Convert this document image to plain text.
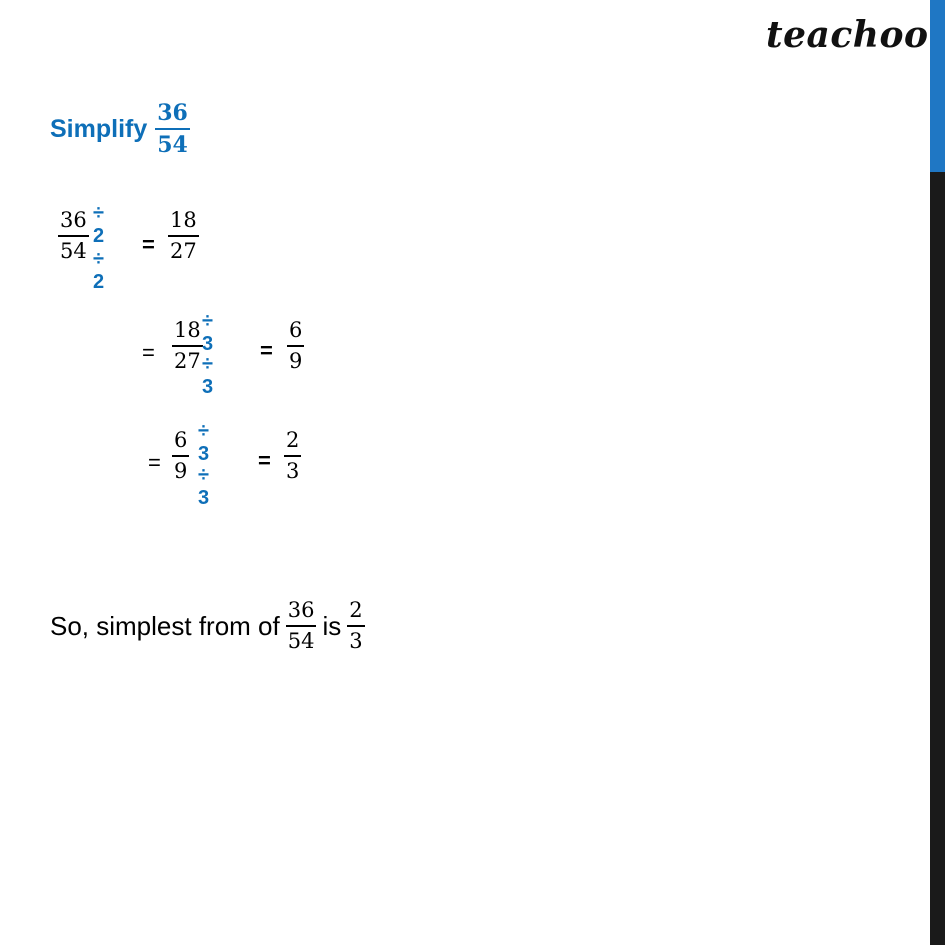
teachoo
Simplify $\frac{36}{54}$
36
54
÷ 2
÷ 2
=
18
27
=
18
27
÷ 3
÷ 3
=
6
9
=
6
9
÷ 3
÷ 3
=
2
3
So, simplest from of $\frac{36}{54}$ is $\frac{2}{3}$
